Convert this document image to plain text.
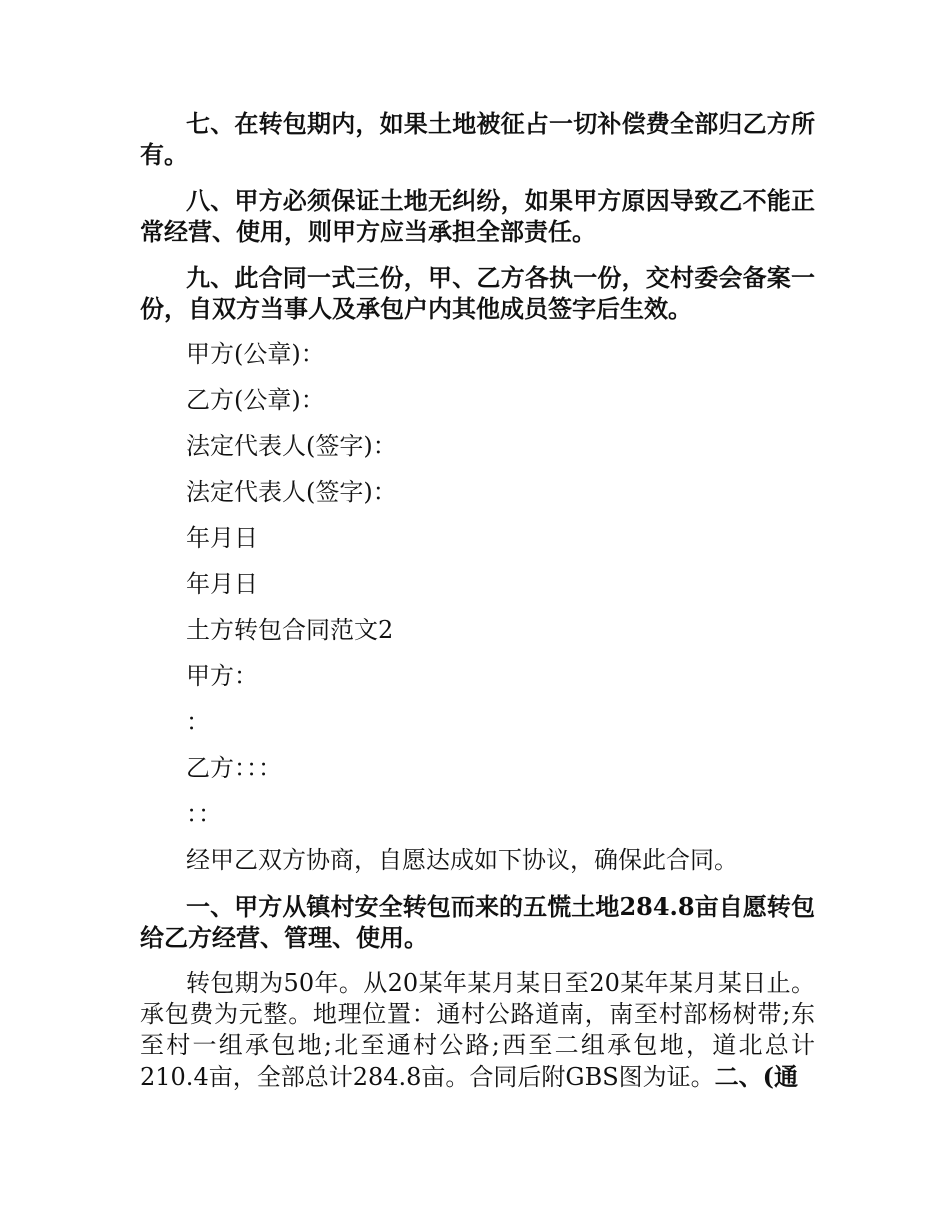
七、在转包期内，如果土地被征占一切补偿费全部归乙方所有。

八、甲方必须保证土地无纠纷，如果甲方原因导致乙不能正常经营、使用，则甲方应当承担全部责任。

九、此合同一式三份，甲、乙方各执一份，交村委会备案一份，自双方当事人及承包户内其他成员签字后生效。

甲方(公章)：
乙方(公章)：
法定代表人(签字)：
法定代表人(签字)：
年月日
年月日
土方转包合同范文2
甲方：
：
乙方：：：
：：
经甲乙双方协商，自愿达成如下协议，确保此合同。

一、甲方从镇村安全转包而来的五慌土地284.8亩自愿转包给乙方经营、管理、使用。

转包期为50年。从20某年某月某日至20某年某月某日止。承包费为元整。地理位置：通村公路道南，南至村部杨树带;东至村一组承包地;北至通村公路;西至二组承包地，道北总计210.4亩，全部总计284.8亩。合同后附GBS图为证。二、(通
